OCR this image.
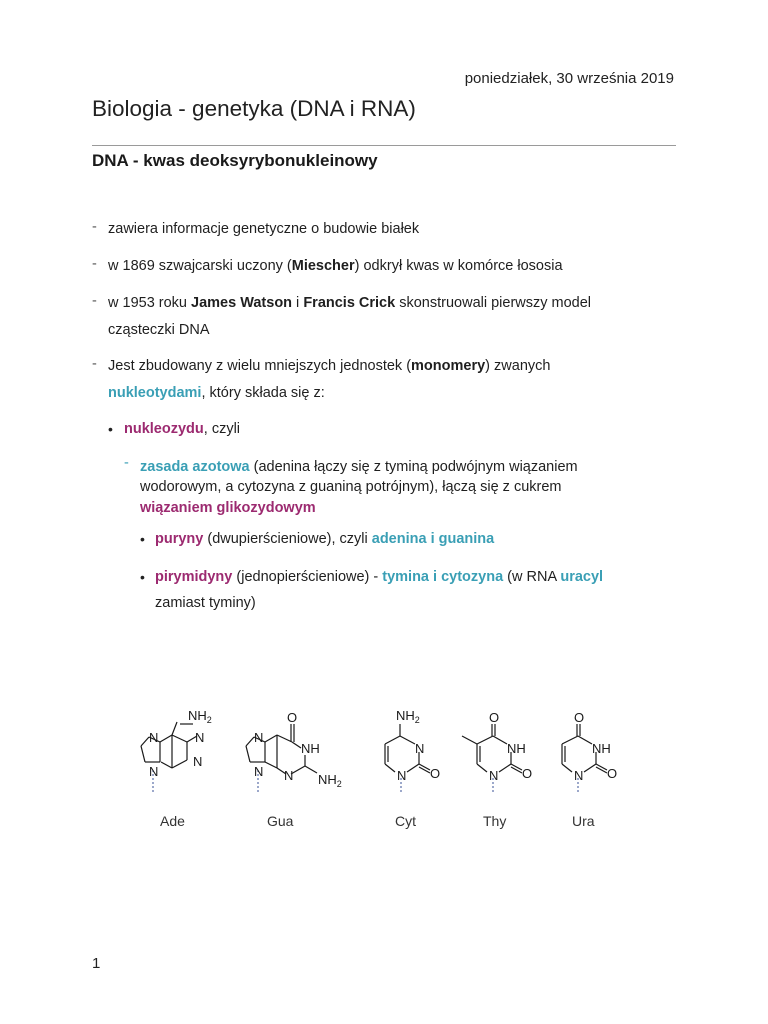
poniedziałek, 30 września 2019
Biologia - genetyka (DNA i RNA)
DNA - kwas deoksyrybonukleinowy
- zawiera informacje genetyczne o budowie białek
- w 1869 szwajcarski uczony (Miescher) odkrył kwas w komórce łososia
- w 1953 roku James Watson i Francis Crick skonstruowali pierwszy model
cząsteczki DNA
- Jest zbudowany z wielu mniejszych jednostek (monomery) zwanych
nukleotydami, który składa się z:
• nukleozydu, czyli
- zasada azotowa (adenina łączy się z tyminą podwójnym wiązaniem
wodorowym, a cytozyna z guaniną potrójnym), łączą się z cukrem
wiązaniem glikozydowym
• puryny (dwupierścieniowe), czyli adenina i guanina
• pirymidyny (jednopierścieniowe) - tymina i cytozyna (w RNA uracyl
zamiast tyminy)
N
N
N
N
$NH_2$
N
N
O
NH
N $NH_2$
$NH_2$
N
N O
O
NH
N O
O
NH
N O
Ade	Gua	Cyt	Thy	Ura
1
